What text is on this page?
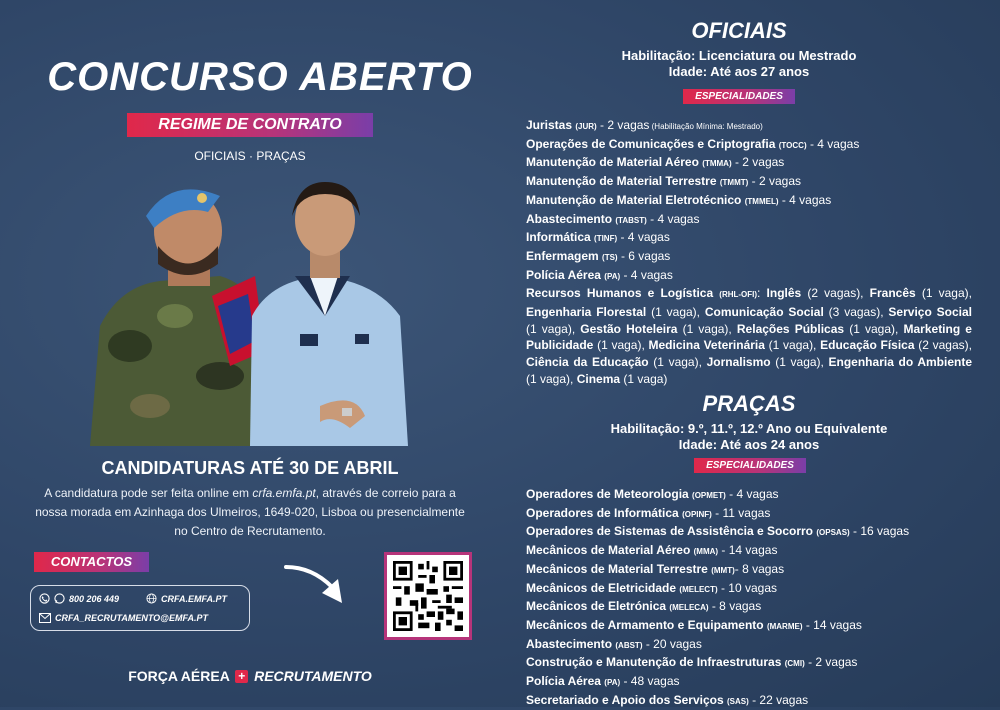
CONCURSO ABERTO
REGIME DE CONTRATO
OFICIAIS · PRAÇAS
CANDIDATURAS ATÉ 30 DE ABRIL
A candidatura pode ser feita online em crfa.emfa.pt, através de correio para a nossa morada em Azinhaga dos Ulmeiros, 1649-020, Lisboa ou presencialmente no Centro de Recrutamento.
CONTACTOS
800 206 449	CRFA.EMFA.PT
CRFA_RECRUTAMENTO@EMFA.PT
FORÇA AÉREA + RECRUTAMENTO
OFICIAIS
Habilitação: Licenciatura ou Mestrado
Idade: Até aos 27 anos
ESPECIALIDADES
Juristas (JUR) - 2 vagas (Habilitação Mínima: Mestrado)
Operações de Comunicações e Criptografia (TOCC) - 4 vagas
Manutenção de Material Aéreo (TMMA) - 2 vagas
Manutenção de Material Terrestre (TMMT) - 2 vagas
Manutenção de Material Eletrotécnico (TMMEL) - 4 vagas
Abastecimento (TABST) - 4 vagas
Informática (TINF) - 4 vagas
Enfermagem (TS) - 6 vagas
Polícia Aérea (PA) - 4 vagas
Recursos Humanos e Logística (RHL-OFI): Inglês (2 vagas), Francês (1 vaga), Engenharia Florestal (1 vaga), Comunicação Social (3 vagas), Serviço Social (1 vaga), Gestão Hoteleira (1 vaga), Relações Públicas (1 vaga), Marketing e Publicidade (1 vaga), Medicina Veterinária (1 vaga), Educação Física (2 vagas), Ciência da Educação (1 vaga), Jornalismo (1 vaga), Engenharia do Ambiente (1 vaga), Cinema (1 vaga)
PRAÇAS
Habilitação: 9.º, 11.º, 12.º Ano ou Equivalente
Idade: Até aos 24 anos
ESPECIALIDADES
Operadores de Meteorologia (OPMET) - 4 vagas
Operadores de Informática (OPINF) - 11 vagas
Operadores de Sistemas de Assistência e Socorro (OPSAS) - 16 vagas
Mecânicos de Material Aéreo (MMA) - 14 vagas
Mecânicos de Material Terrestre (MMT)- 8 vagas
Mecânicos de Eletricidade (MELECT) - 10 vagas
Mecânicos de Eletrónica (MELECA) - 8 vagas
Mecânicos de Armamento e Equipamento (MARME) - 14 vagas
Abastecimento (ABST) - 20 vagas
Construção e Manutenção de Infraestruturas (CMI) - 2 vagas
Polícia Aérea (PA) - 48 vagas
Secretariado e Apoio dos Serviços (SAS) - 22 vagas
